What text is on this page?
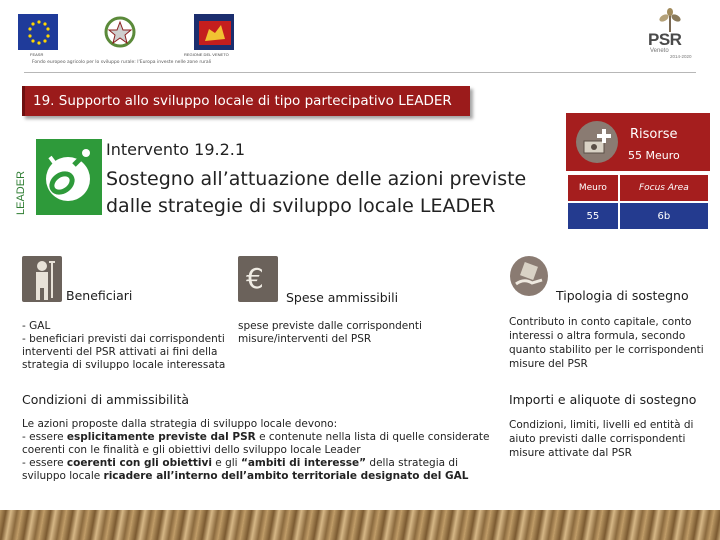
FEASR	REGIONE DEL VENETO
Fondo europeo agricolo per lo sviluppo rurale: l'Europa investe nelle zone rurali
PSR
Veneto
2014-2020
19. Supporto allo sviluppo locale di tipo partecipativo LEADER
LEADER
Intervento 19.2.1
Sostegno all’attuazione delle azioni previste dalle strategie di sviluppo locale LEADER
Risorse
55 Meuro
Meuro	Focus Area
55	6b
Beneficiari
- GAL
- beneficiari previsti dai corrispondenti interventi del PSR attivati ai fini della strategia di sviluppo locale interessata
€
Spese ammissibili
spese previste dalle corrispondenti misure/interventi del PSR
Tipologia di sostegno
Contributo in conto capitale, conto interessi o altra formula, secondo quanto stabilito per le corrispondenti misure del PSR
Condizioni di ammissibilità
Le azioni proposte dalla strategia di sviluppo locale devono:
- essere esplicitamente previste dal PSR e contenute nella lista di quelle considerate coerenti con le finalità e gli obiettivi dello sviluppo locale Leader
- essere coerenti con gli obiettivi e gli “ambiti di interesse” della strategia di sviluppo locale ricadere all’interno dell’ambito territoriale designato del GAL
Importi e aliquote di sostegno
Condizioni, limiti, livelli ed entità di aiuto previsti dalle corrispondenti misure attivate dal PSR
